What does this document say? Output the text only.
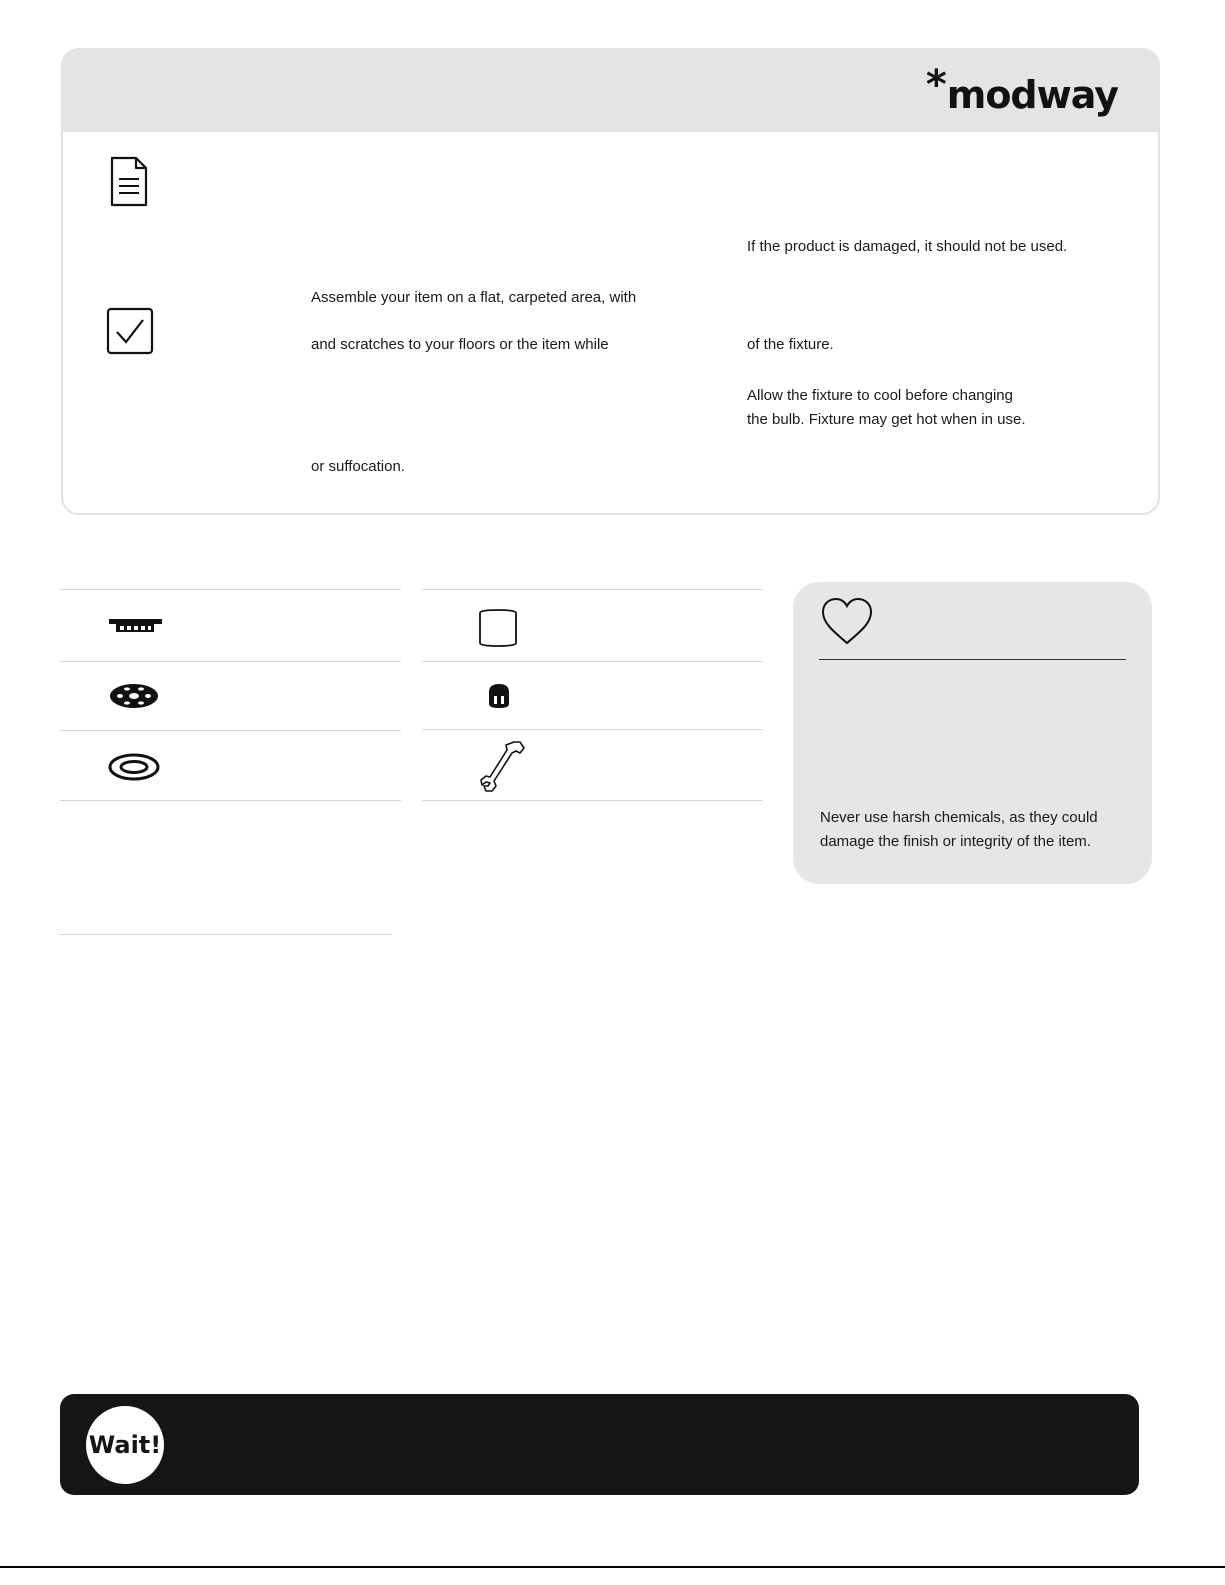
*modway
Assemble your item on a flat, carpeted area, with
and scratches to your floors or the item while
or suffocation.
If the product is damaged, it should not be used.
of the fixture.
Allow the fixture to cool before changing
the bulb. Fixture may get hot when in use.
Never use harsh chemicals, as they could
damage the finish or integrity of the item.
Wait!
